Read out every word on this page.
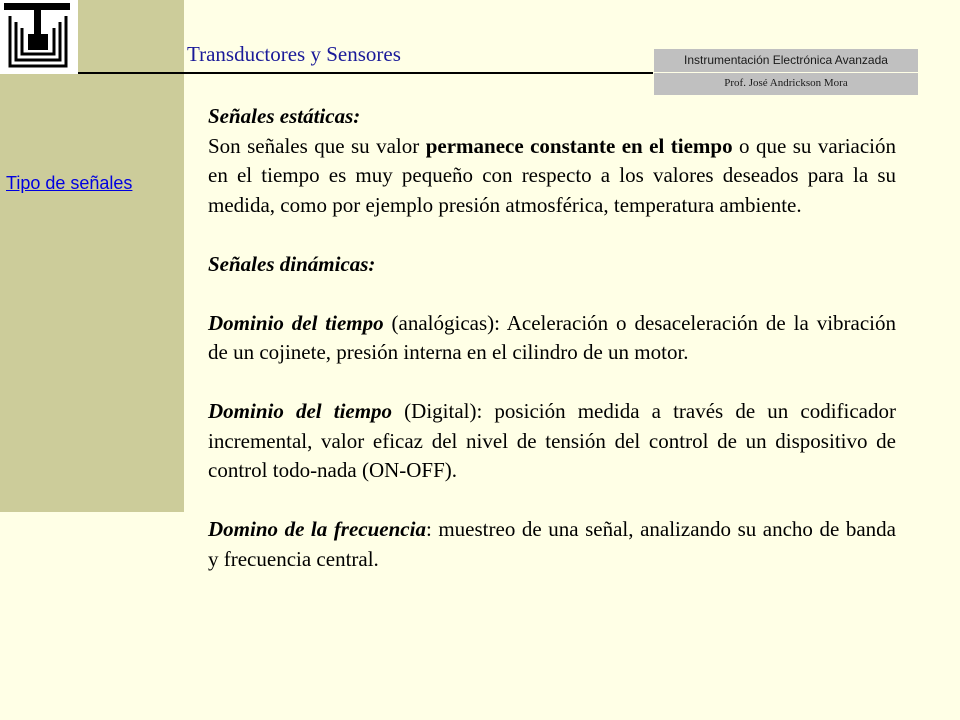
Transductores y Sensores	Instrumentación Electrónica Avanzada
Prof. José Andrickson Mora
Tipo de señales

Señales estáticas:

Son señales que su valor permanece constante en el tiempo o que su variación en el tiempo es muy pequeño con respecto a los valores deseados para la su medida, como por ejemplo presión atmosférica, temperatura ambiente.

Señales dinámicas:

Dominio del tiempo (analógicas): Aceleración o desaceleración de la vibración de un cojinete, presión interna en el cilindro de un motor.

Dominio del tiempo (Digital): posición medida a través de un codificador incremental, valor eficaz del nivel de tensión del control de un dispositivo de control todo-nada (ON-OFF).

Domino de la frecuencia: muestreo de una señal, analizando su ancho de banda y frecuencia central.
